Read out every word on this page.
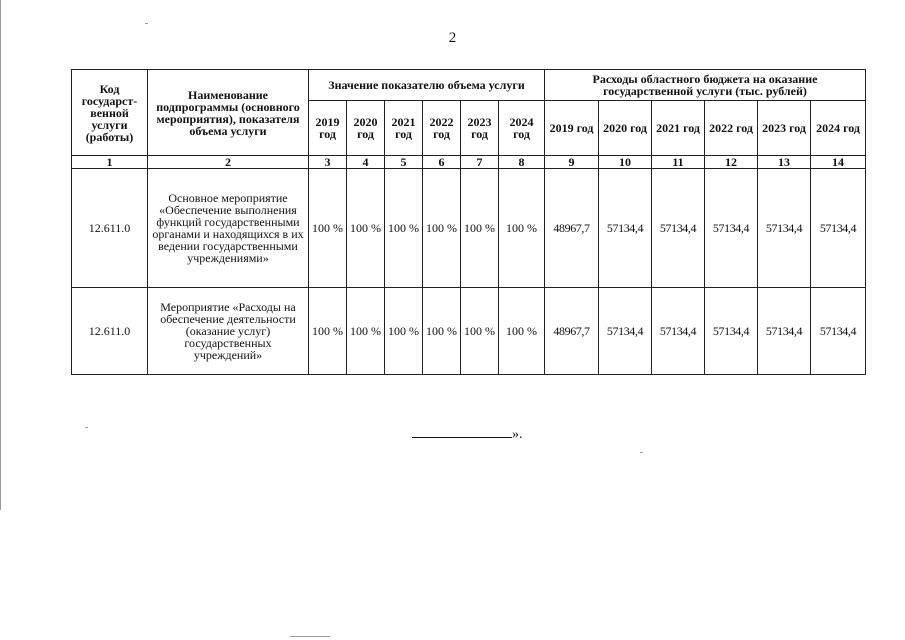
2
Код государст-венной услуги (работы)	Наименование подпрограммы (основного мероприятия), показателя объема услуги	Значение показателю объема услуги						Расходы областного бюджета на оказание государственной услуги (тыс. рублей)					
		2019 год	2020 год	2021 год	2022 год	2023 год	2024 год	2019 год	2020 год	2021 год	2022 год	2023 год	2024 год
1	2	3	4	5	6	7	8	9	10	11	12	13	14
12.611.0	Основное мероприятие «Обеспечение выполнения функций государственными органами и находящихся в их ведении государственными учреждениями»	100 %	100 %	100 %	100 %	100 %	100 %	48967,7	57134,4	57134,4	57134,4	57134,4	57134,4
12.611.0	Мероприятие «Расходы на обеспечение деятельности (оказание услуг) государственных учреждений»	100 %	100 %	100 %	100 %	100 %	100 %	48967,7	57134,4	57134,4	57134,4	57134,4	57134,4
».
